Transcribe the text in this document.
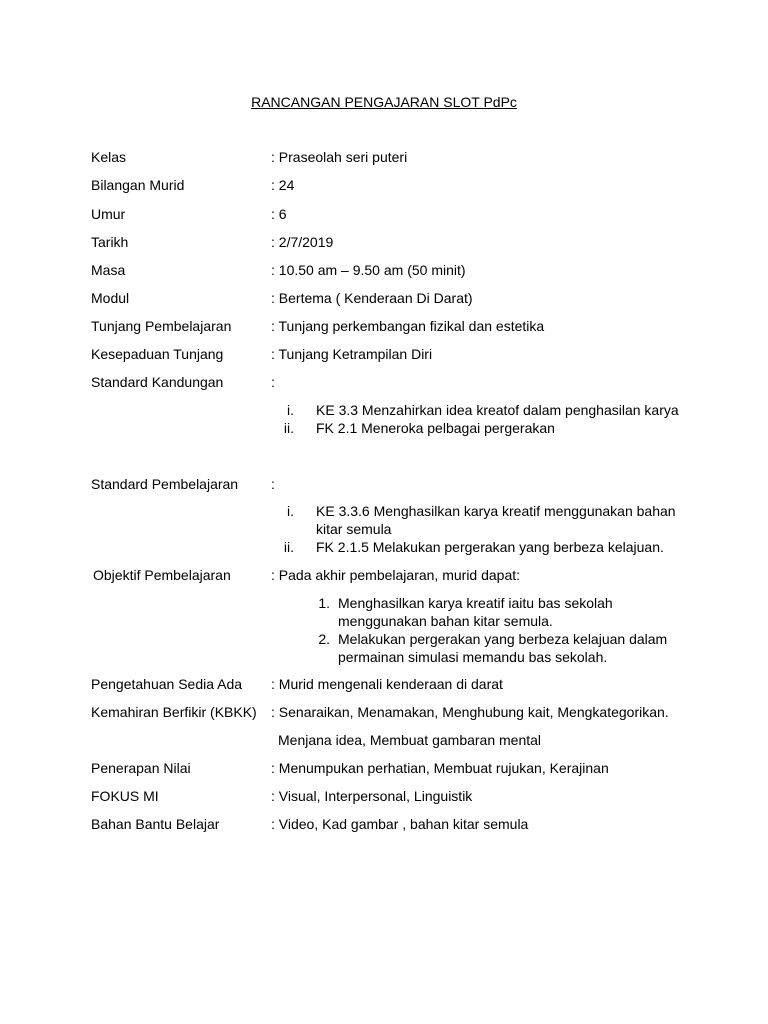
RANCANGAN PENGAJARAN SLOT PdPc
Kelas	: Praseolah seri puteri
Bilangan Murid	: 24
Umur	: 6
Tarikh	: 2/7/2019
Masa	: 10.50 am – 9.50 am (50 minit)
Modul	: Bertema ( Kenderaan Di Darat)
Tunjang Pembelajaran	: Tunjang perkembangan fizikal dan estetika
Kesepaduan Tunjang	: Tunjang Ketrampilan Diri
Standard Kandungan	:
i. KE 3.3 Menzahirkan idea kreatof dalam penghasilan karya
ii. FK 2.1 Meneroka pelbagai pergerakan
Standard Pembelajaran :
i. KE 3.3.6 Menghasilkan karya kreatif menggunakan bahan
kitar semula
ii. FK 2.1.5 Melakukan pergerakan yang berbeza kelajuan.
Objektif Pembelajaran	: Pada akhir pembelajaran, murid dapat:
1. Menghasilkan karya kreatif iaitu bas sekolah
menggunakan bahan kitar semula.
2. Melakukan pergerakan yang berbeza kelajuan dalam
permainan simulasi memandu bas sekolah.
Pengetahuan Sedia Ada : Murid mengenali kenderaan di darat
Kemahiran Berfikir (KBKK) : Senaraikan, Menamakan, Menghubung kait, Mengkategorikan.
Menjana idea, Membuat gambaran mental
Penerapan Nilai	: Menumpukan perhatian, Membuat rujukan, Kerajinan
FOKUS MI	: Visual, Interpersonal, Linguistik
Bahan Bantu Belajar	: Video, Kad gambar , bahan kitar semula
